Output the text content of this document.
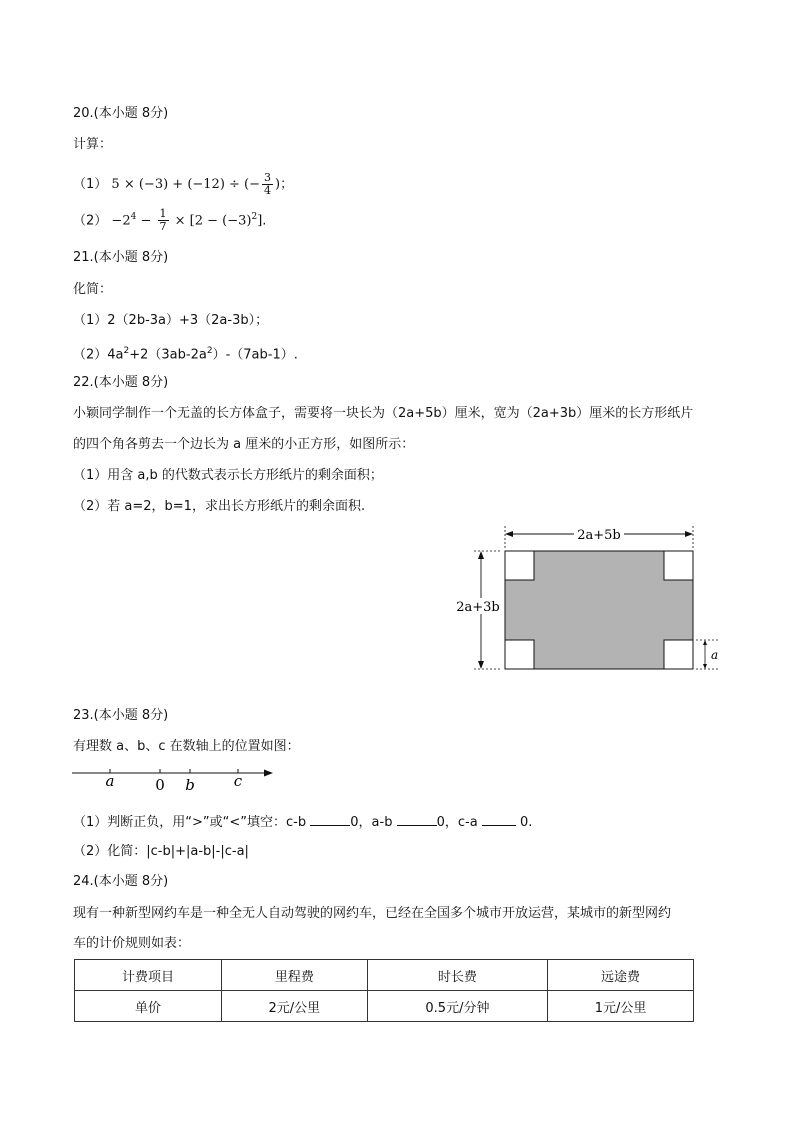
20.(本小题 8分)
计算：
（1） 5 × (−3) + (−12) ÷ (− $\frac{3}{4}$ )；
$(2) -2^4 - \frac{1}{7} \times [2 - (-3)^2]$.
21.(本小题 8分)
化简：
（1）2（2b-3a）+3（2a-3b）；
$(2)4a^2+2(3ab-2a^2)-(7ab-1)$.
22.(本小题 8分)
小颖同学制作一个无盖的长方体盒子，需要将一块长为（2a+5b）厘米，宽为（2a+3b）厘米的长方形纸片
的四个角各剪去一个边长为 a 厘米的小正方形，如图所示：
（1）用含 a,b 的代数式表示长方形纸片的剩余面积；
（2）若 a=2，b=1，求出长方形纸片的剩余面积.
2a+5b
2a+3b
a
23.(本小题 8分)
有理数 a、b、c 在数轴上的位置如图：
a	0 b	c
（1）判断正负，用“>”或“<”填空：c-b	0，a-b	0，c-a	0.
（2）化简：|c-b|+|a-b|-|c-a|
24.(本小题 8分)
现有一种新型网约车是一种全无人自动驾驶的网约车，已经在全国多个城市开放运营，某城市的新型网约
车的计价规则如表：
计费项目	里程费	时长费	远途费
单价	2元/公里	0.5元/分钟	1元/公里
